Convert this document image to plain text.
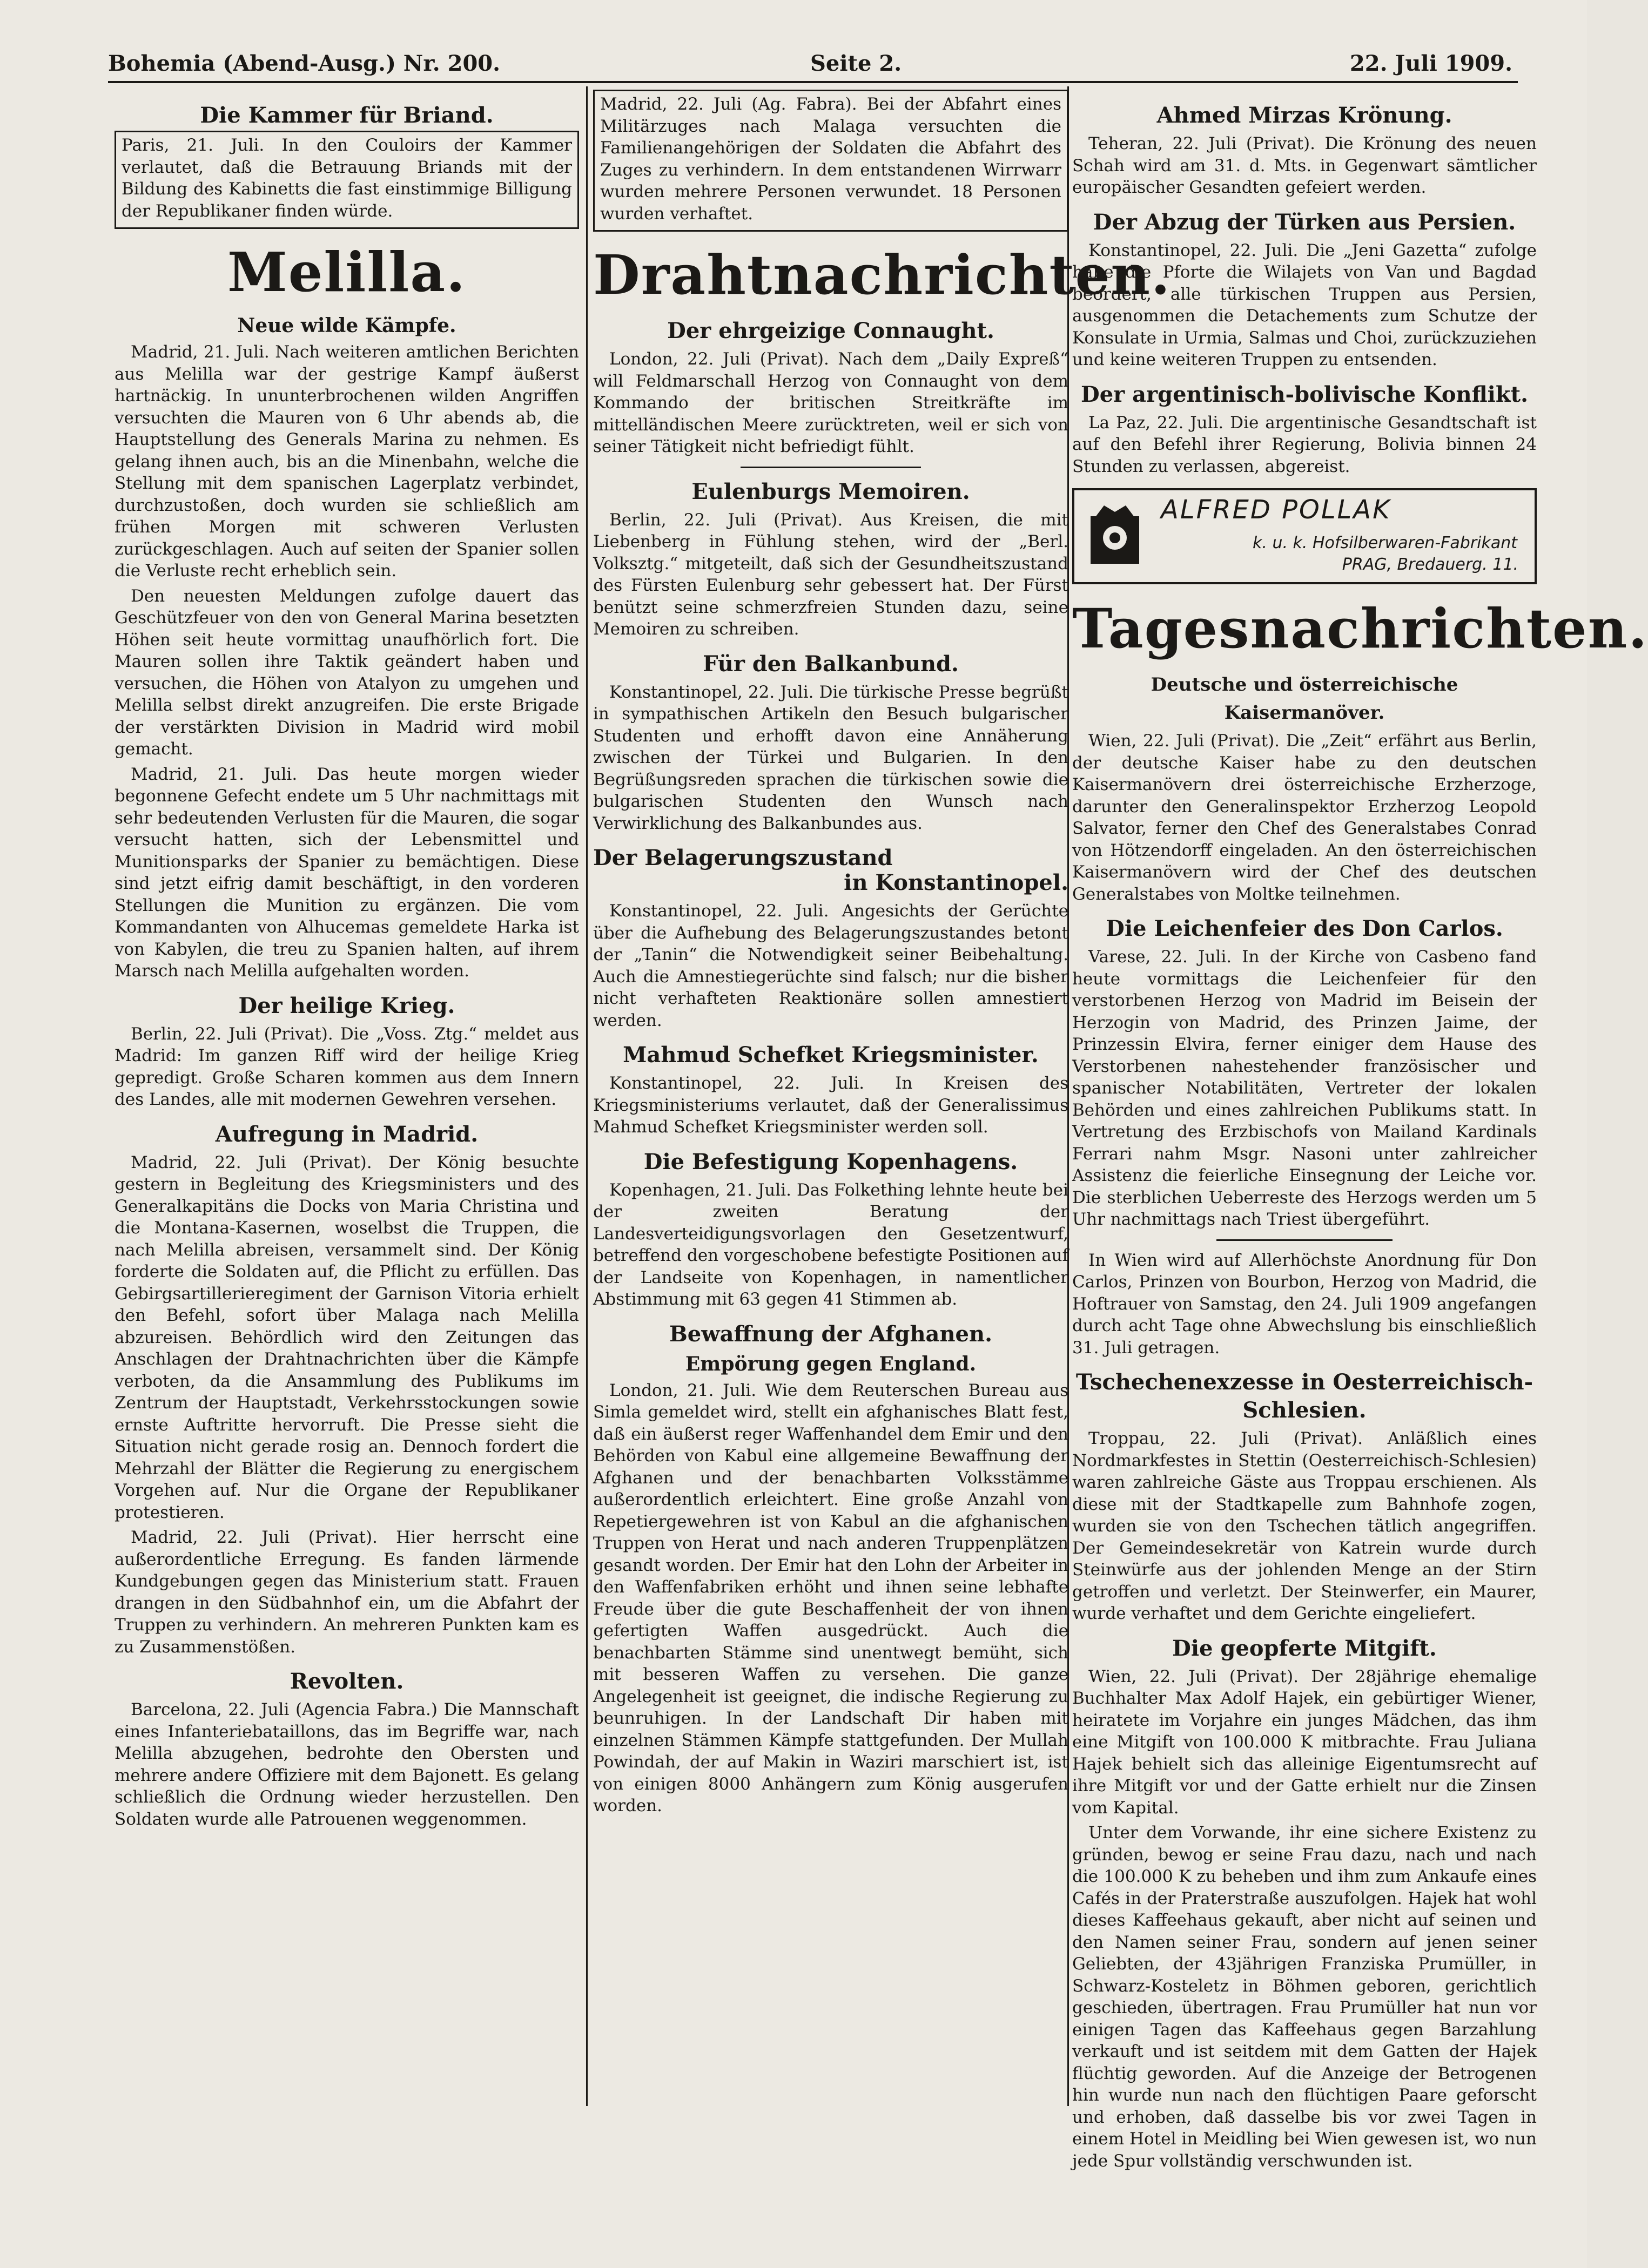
Bohemia (Abend-Ausg.) Nr. 200.	Seite 2.	22. Juli 1909.
Die Kammer für Briand.

Paris, 21. Juli. In den Couloirs der Kammer verlautet, daß die Betrauung Briands mit der Bildung des Kabinetts die fast einstimmige Billigung der Republikaner finden würde.

Melilla.
Neue wilde Kämpfe.

Madrid, 21. Juli. Nach weiteren amtlichen Berichten aus Melilla war der gestrige Kampf äußerst hartnäckig. In ununterbrochenen wilden Angriffen versuchten die Mauren von 6 Uhr abends ab, die Hauptstellung des Generals Marina zu nehmen. Es gelang ihnen auch, bis an die Minenbahn, welche die Stellung mit dem spanischen Lagerplatz verbindet, durchzustoßen, doch wurden sie schließlich am frühen Morgen mit schweren Verlusten zurückgeschlagen. Auch auf seiten der Spanier sollen die Verluste recht erheblich sein.

Den neuesten Meldungen zufolge dauert das Geschützfeuer von den von General Marina besetzten Höhen seit heute vormittag unaufhörlich fort. Die Mauren sollen ihre Taktik geändert haben und versuchen, die Höhen von Atalyon zu umgehen und Melilla selbst direkt anzugreifen. Die erste Brigade der verstärkten Division in Madrid wird mobil gemacht.

Madrid, 21. Juli. Das heute morgen wieder begonnene Gefecht endete um 5 Uhr nachmittags mit sehr bedeutenden Verlusten für die Mauren, die sogar versucht hatten, sich der Lebensmittel und Munitionsparks der Spanier zu bemächtigen. Diese sind jetzt eifrig damit beschäftigt, in den vorderen Stellungen die Munition zu ergänzen. Die vom Kommandanten von Alhucemas gemeldete Harka ist von Kabylen, die treu zu Spanien halten, auf ihrem Marsch nach Melilla aufgehalten worden.

Der heilige Krieg.

Berlin, 22. Juli (Privat). Die „Voss. Ztg.“ meldet aus Madrid: Im ganzen Riff wird der heilige Krieg gepredigt. Große Scharen kommen aus dem Innern des Landes, alle mit modernen Gewehren versehen.

Aufregung in Madrid.

Madrid, 22. Juli (Privat). Der König besuchte gestern in Begleitung des Kriegsministers und des Generalkapitäns die Docks von Maria Christina und die Montana-Kasernen, woselbst die Truppen, die nach Melilla abreisen, versammelt sind. Der König forderte die Soldaten auf, die Pflicht zu erfüllen. Das Gebirgsartillerieregiment der Garnison Vitoria erhielt den Befehl, sofort über Malaga nach Melilla abzureisen. Behördlich wird den Zeitungen das Anschlagen der Drahtnachrichten über die Kämpfe verboten, da die Ansammlung des Publikums im Zentrum der Hauptstadt, Verkehrsstockungen sowie ernste Auftritte hervorruft. Die Presse sieht die Situation nicht gerade rosig an. Dennoch fordert die Mehrzahl der Blätter die Regierung zu energischem Vorgehen auf. Nur die Organe der Republikaner protestieren.

Madrid, 22. Juli (Privat). Hier herrscht eine außerordentliche Erregung. Es fanden lärmende Kundgebungen gegen das Ministerium statt. Frauen drangen in den Südbahnhof ein, um die Abfahrt der Truppen zu verhindern. An mehreren Punkten kam es zu Zusammenstößen.

Revolten.

Barcelona, 22. Juli (Agencia Fabra.) Die Mannschaft eines Infanteriebataillons, das im Begriffe war, nach Melilla abzugehen, bedrohte den Obersten und mehrere andere Offiziere mit dem Bajonett. Es gelang schließlich die Ordnung wieder herzustellen. Den Soldaten wurde alle Patrouenen weggenommen.

Madrid, 22. Juli (Ag. Fabra). Bei der Abfahrt eines Militärzuges nach Malaga versuchten die Familienangehörigen der Soldaten die Abfahrt des Zuges zu verhindern. In dem entstandenen Wirrwarr wurden mehrere Personen verwundet. 18 Personen wurden verhaftet.

Drahtnachrichten.
Der ehrgeizige Connaught.

London, 22. Juli (Privat). Nach dem „Daily Expreß“ will Feldmarschall Herzog von Connaught von dem Kommando der britischen Streitkräfte im mittelländischen Meere zurücktreten, weil er sich von seiner Tätigkeit nicht befriedigt fühlt.

Eulenburgs Memoiren.

Berlin, 22. Juli (Privat). Aus Kreisen, die mit Liebenberg in Fühlung stehen, wird der „Berl. Volksztg.“ mitgeteilt, daß sich der Gesundheitszustand des Fürsten Eulenburg sehr gebessert hat. Der Fürst benützt seine schmerzfreien Stunden dazu, seine Memoiren zu schreiben.

Für den Balkanbund.

Konstantinopel, 22. Juli. Die türkische Presse begrüßt in sympathischen Artikeln den Besuch bulgarischer Studenten und erhofft davon eine Annäherung zwischen der Türkei und Bulgarien. In den Begrüßungsreden sprachen die türkischen sowie die bulgarischen Studenten den Wunsch nach Verwirklichung des Balkanbundes aus.

Der Belagerungszustand
in Konstantinopel.

Konstantinopel, 22. Juli. Angesichts der Gerüchte über die Aufhebung des Belagerungszustandes betont der „Tanin“ die Notwendigkeit seiner Beibehaltung. Auch die Amnestiegerüchte sind falsch; nur die bisher nicht verhafteten Reaktionäre sollen amnestiert werden.

Mahmud Schefket Kriegsminister.

Konstantinopel, 22. Juli. In Kreisen des Kriegsministeriums verlautet, daß der Generalissimus Mahmud Schefket Kriegsminister werden soll.

Die Befestigung Kopenhagens.

Kopenhagen, 21. Juli. Das Folkething lehnte heute bei der zweiten Beratung der Landesverteidigungsvorlagen den Gesetzentwurf, betreffend den vorgeschobene befestigte Positionen auf der Landseite von Kopenhagen, in namentlicher Abstimmung mit 63 gegen 41 Stimmen ab.

Bewaffnung der Afghanen.
Empörung gegen England.

London, 21. Juli. Wie dem Reuterschen Bureau aus Simla gemeldet wird, stellt ein afghanisches Blatt fest, daß ein äußerst reger Waffenhandel dem Emir und den Behörden von Kabul eine allgemeine Bewaffnung der Afghanen und der benachbarten Volksstämme außerordentlich erleichtert. Eine große Anzahl von Repetiergewehren ist von Kabul an die afghanischen Truppen von Herat und nach anderen Truppenplätzen gesandt worden. Der Emir hat den Lohn der Arbeiter in den Waffenfabriken erhöht und ihnen seine lebhafte Freude über die gute Beschaffenheit der von ihnen gefertigten Waffen ausgedrückt. Auch die benachbarten Stämme sind unentwegt bemüht, sich mit besseren Waffen zu versehen. Die ganze Angelegenheit ist geeignet, die indische Regierung zu beunruhigen. In der Landschaft Dir haben mit einzelnen Stämmen Kämpfe stattgefunden. Der Mullah Powindah, der auf Makin in Waziri marschiert ist, ist von einigen 8000 Anhängern zum König ausgerufen worden.

Ahmed Mirzas Krönung.

Teheran, 22. Juli (Privat). Die Krönung des neuen Schah wird am 31. d. Mts. in Gegenwart sämtlicher europäischer Gesandten gefeiert werden.

Der Abzug der Türken aus Persien.

Konstantinopel, 22. Juli. Die „Jeni Gazetta“ zufolge habe die Pforte die Wilajets von Van und Bagdad beordert, alle türkischen Truppen aus Persien, ausgenommen die Detachements zum Schutze der Konsulate in Urmia, Salmas und Choi, zurückzuziehen und keine weiteren Truppen zu entsenden.

Der argentinisch-bolivische Konflikt.

La Paz, 22. Juli. Die argentinische Gesandtschaft ist auf den Befehl ihrer Regierung, Bolivia binnen 24 Stunden zu verlassen, abgereist.

ALFRED POLLAK
k. u. k. Hofsilberwaren-Fabrikant
PRAG, Bredauerg. 11.
Tagesnachrichten.
Deutsche und österreichische Kaisermanöver.

Wien, 22. Juli (Privat). Die „Zeit“ erfährt aus Berlin, der deutsche Kaiser habe zu den deutschen Kaisermanövern drei österreichische Erzherzoge, darunter den Generalinspektor Erzherzog Leopold Salvator, ferner den Chef des Generalstabes Conrad von Hötzendorff eingeladen. An den österreichischen Kaisermanövern wird der Chef des deutschen Generalstabes von Moltke teilnehmen.

Die Leichenfeier des Don Carlos.

Varese, 22. Juli. In der Kirche von Casbeno fand heute vormittags die Leichenfeier für den verstorbenen Herzog von Madrid im Beisein der Herzogin von Madrid, des Prinzen Jaime, der Prinzessin Elvira, ferner einiger dem Hause des Verstorbenen nahestehender französischer und spanischer Notabilitäten, Vertreter der lokalen Behörden und eines zahlreichen Publikums statt. In Vertretung des Erzbischofs von Mailand Kardinals Ferrari nahm Msgr. Nasoni unter zahlreicher Assistenz die feierliche Einsegnung der Leiche vor. Die sterblichen Ueberreste des Herzogs werden um 5 Uhr nachmittags nach Triest übergeführt.

In Wien wird auf Allerhöchste Anordnung für Don Carlos, Prinzen von Bourbon, Herzog von Madrid, die Hoftrauer von Samstag, den 24. Juli 1909 angefangen durch acht Tage ohne Abwechslung bis einschließlich 31. Juli getragen.

Tschechenexzesse in Oesterreichisch-Schlesien.

Troppau, 22. Juli (Privat). Anläßlich eines Nordmarkfestes in Stettin (Oesterreichisch-Schlesien) waren zahlreiche Gäste aus Troppau erschienen. Als diese mit der Stadtkapelle zum Bahnhofe zogen, wurden sie von den Tschechen tätlich angegriffen. Der Gemeindesekretär von Katrein wurde durch Steinwürfe aus der johlenden Menge an der Stirn getroffen und verletzt. Der Steinwerfer, ein Maurer, wurde verhaftet und dem Gerichte eingeliefert.

Die geopferte Mitgift.

Wien, 22. Juli (Privat). Der 28jährige ehemalige Buchhalter Max Adolf Hajek, ein gebürtiger Wiener, heiratete im Vorjahre ein junges Mädchen, das ihm eine Mitgift von 100.000 K mitbrachte. Frau Juliana Hajek behielt sich das alleinige Eigentumsrecht auf ihre Mitgift vor und der Gatte erhielt nur die Zinsen vom Kapital.

Unter dem Vorwande, ihr eine sichere Existenz zu gründen, bewog er seine Frau dazu, nach und nach die 100.000 K zu beheben und ihm zum Ankaufe eines Cafés in der Praterstraße auszufolgen. Hajek hat wohl dieses Kaffeehaus gekauft, aber nicht auf seinen und den Namen seiner Frau, sondern auf jenen seiner Geliebten, der 43jährigen Franziska Prumüller, in Schwarz-Kosteletz in Böhmen geboren, gerichtlich geschieden, übertragen. Frau Prumüller hat nun vor einigen Tagen das Kaffeehaus gegen Barzahlung verkauft und ist seitdem mit dem Gatten der Hajek flüchtig geworden. Auf die Anzeige der Betrogenen hin wurde nun nach den flüchtigen Paare geforscht und erhoben, daß dasselbe bis vor zwei Tagen in einem Hotel in Meidling bei Wien gewesen ist, wo nun jede Spur vollständig verschwunden ist.
